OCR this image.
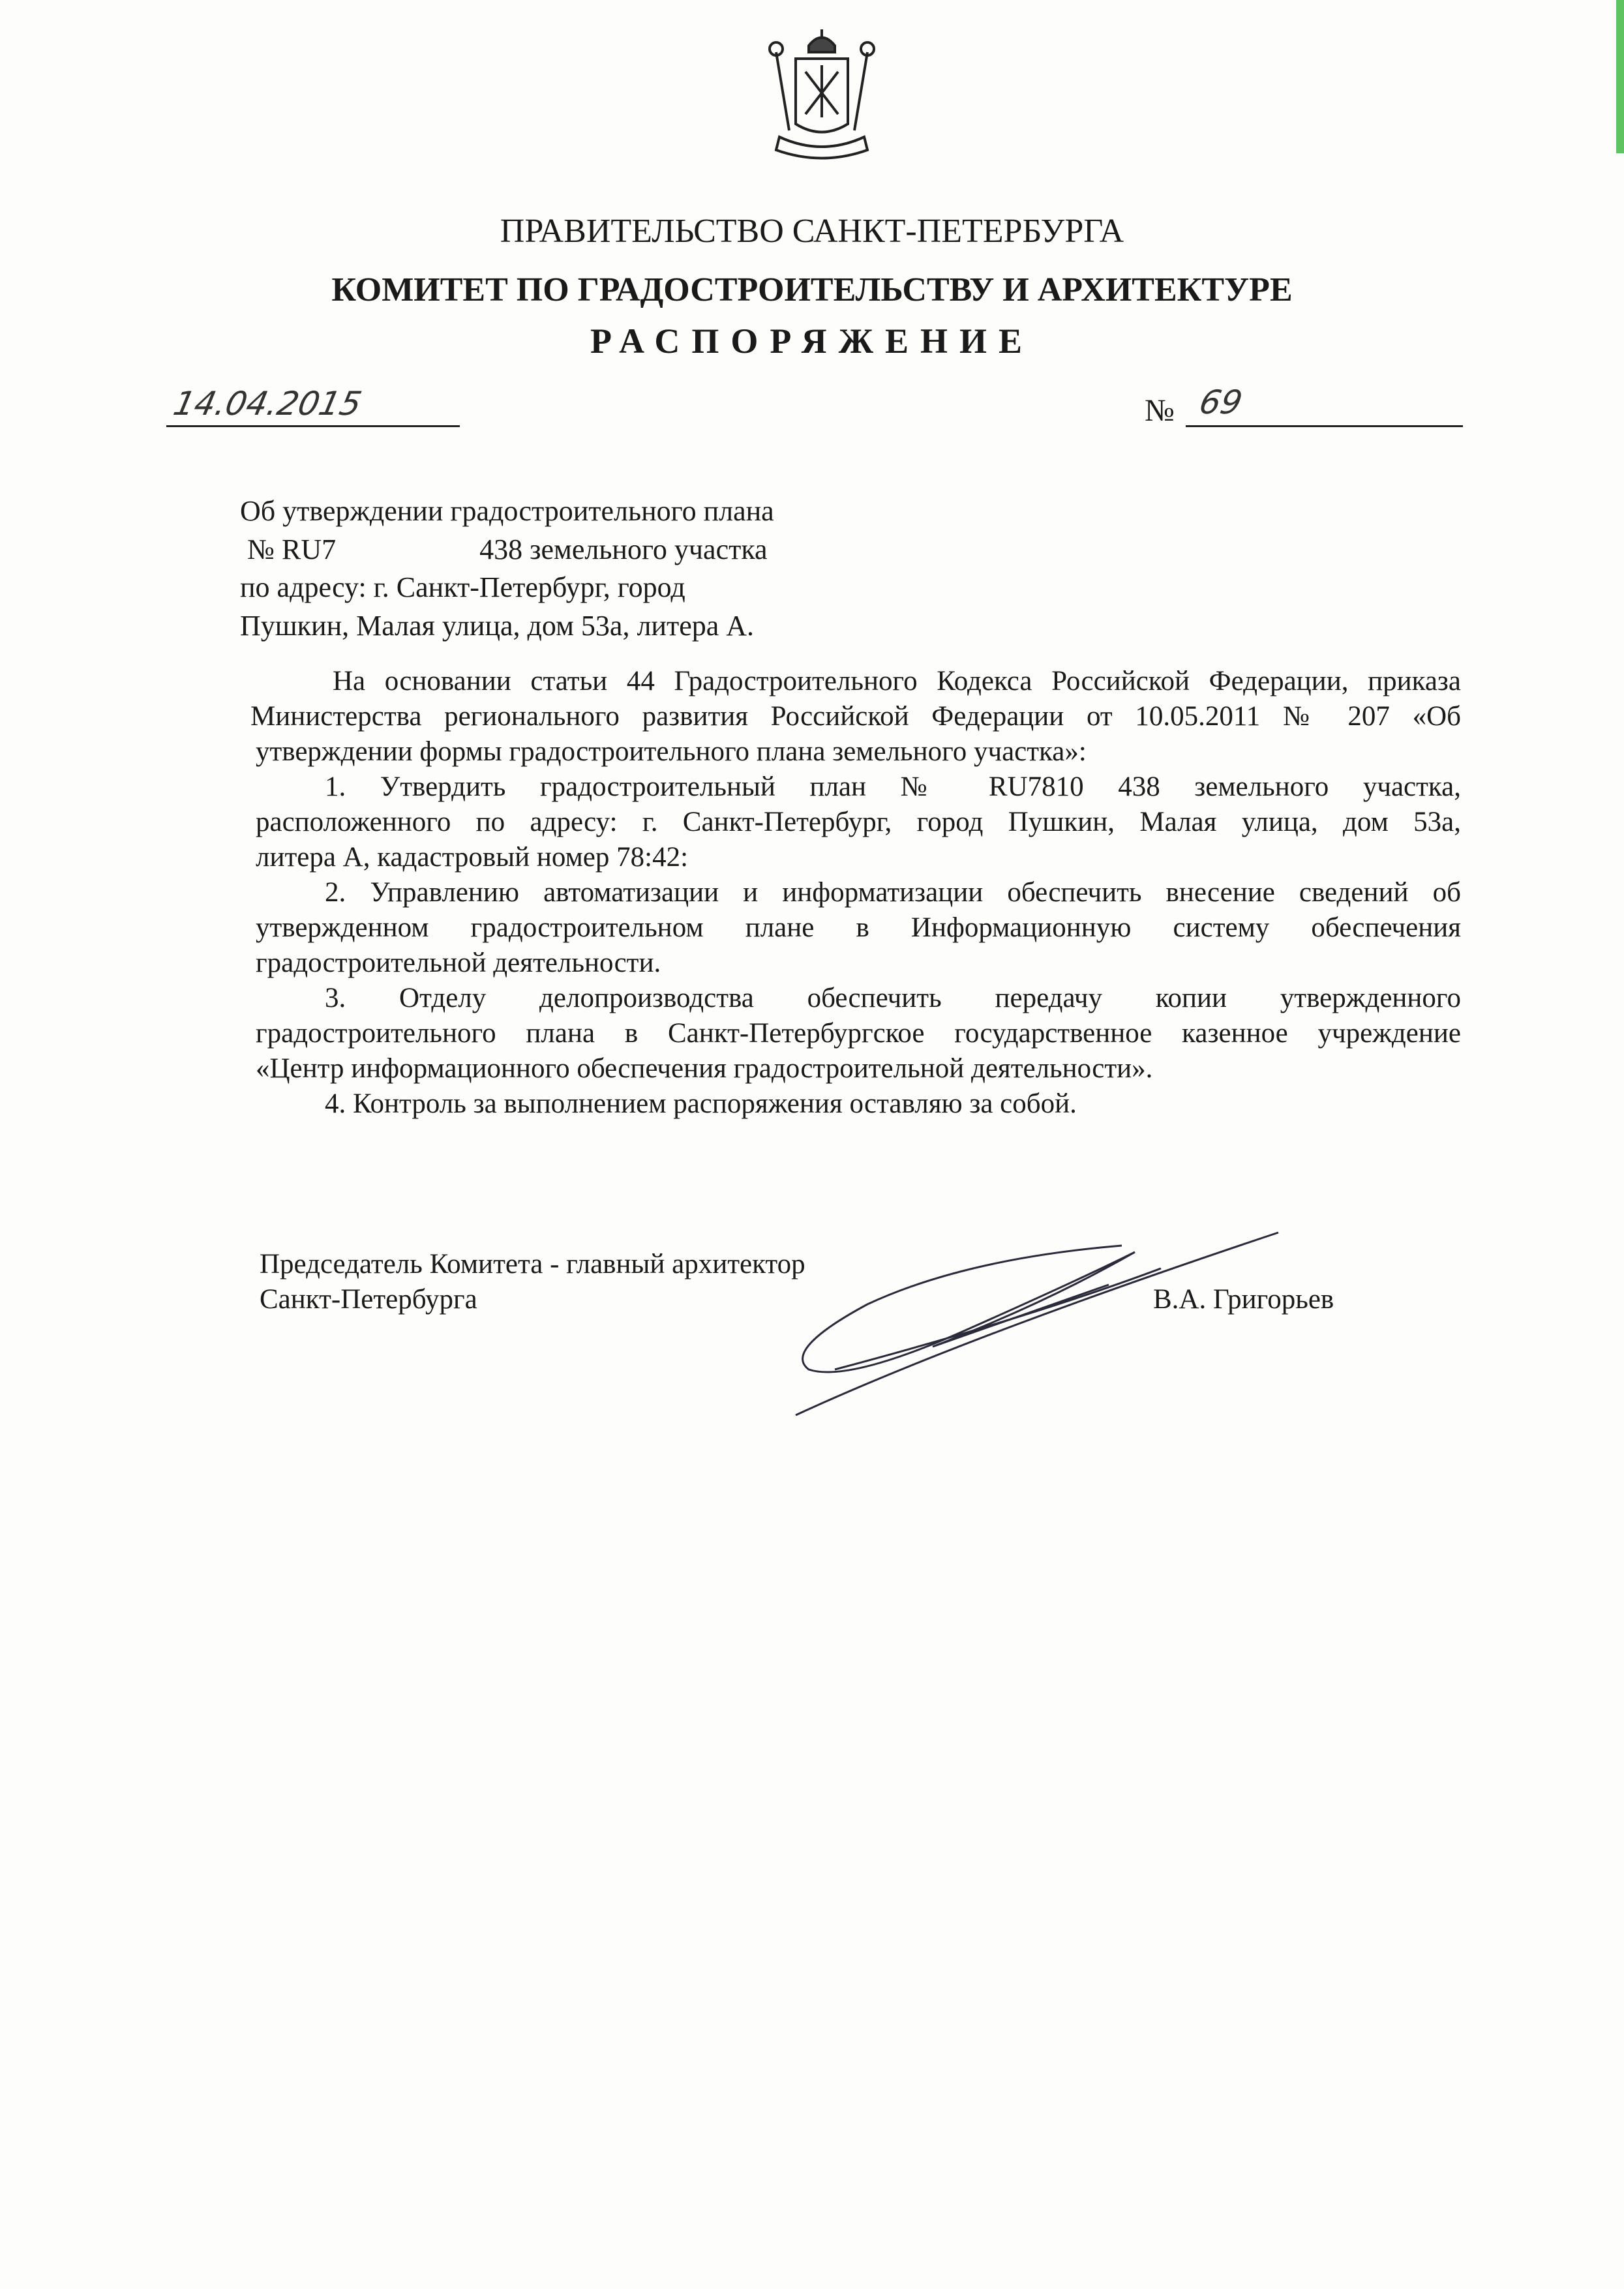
ПРАВИТЕЛЬСТВО САНКТ-ПЕТЕРБУРГА
КОМИТЕТ ПО ГРАДОСТРОИТЕЛЬСТВУ И АРХИТЕКТУРЕ
РАСПОРЯЖЕНИЕ
14.04.2015	№ 69
Об утверждении градостроительного плана
№ RU7                    438 земельного участка
по адресу: г. Санкт-Петербург, город
Пушкин, Малая улица, дом 53а, литера А.
На основании статьи 44 Градостроительного Кодекса Российской Федерации, приказа
Министерства регионального развития Российской Федерации от 10.05.2011 № 207 «Об
утверждении формы градостроительного плана земельного участка»:
1. Утвердить градостроительный план № RU7810 438 земельного участка,
расположенного по адресу: г. Санкт-Петербург, город Пушкин, Малая улица, дом 53а,
литера А, кадастровый номер 78:42:
2. Управлению автоматизации и информатизации обеспечить внесение сведений об
утвержденном градостроительном плане в Информационную систему обеспечения
градостроительной деятельности.
3. Отделу делопроизводства обеспечить передачу копии утвержденного
градостроительного плана в Санкт-Петербургское государственное казенное учреждение
«Центр информационного обеспечения градостроительной деятельности».
4. Контроль за выполнением распоряжения оставляю за собой.
Председатель Комитета - главный архитектор
Санкт-Петербурга	В.А. Григорьев
